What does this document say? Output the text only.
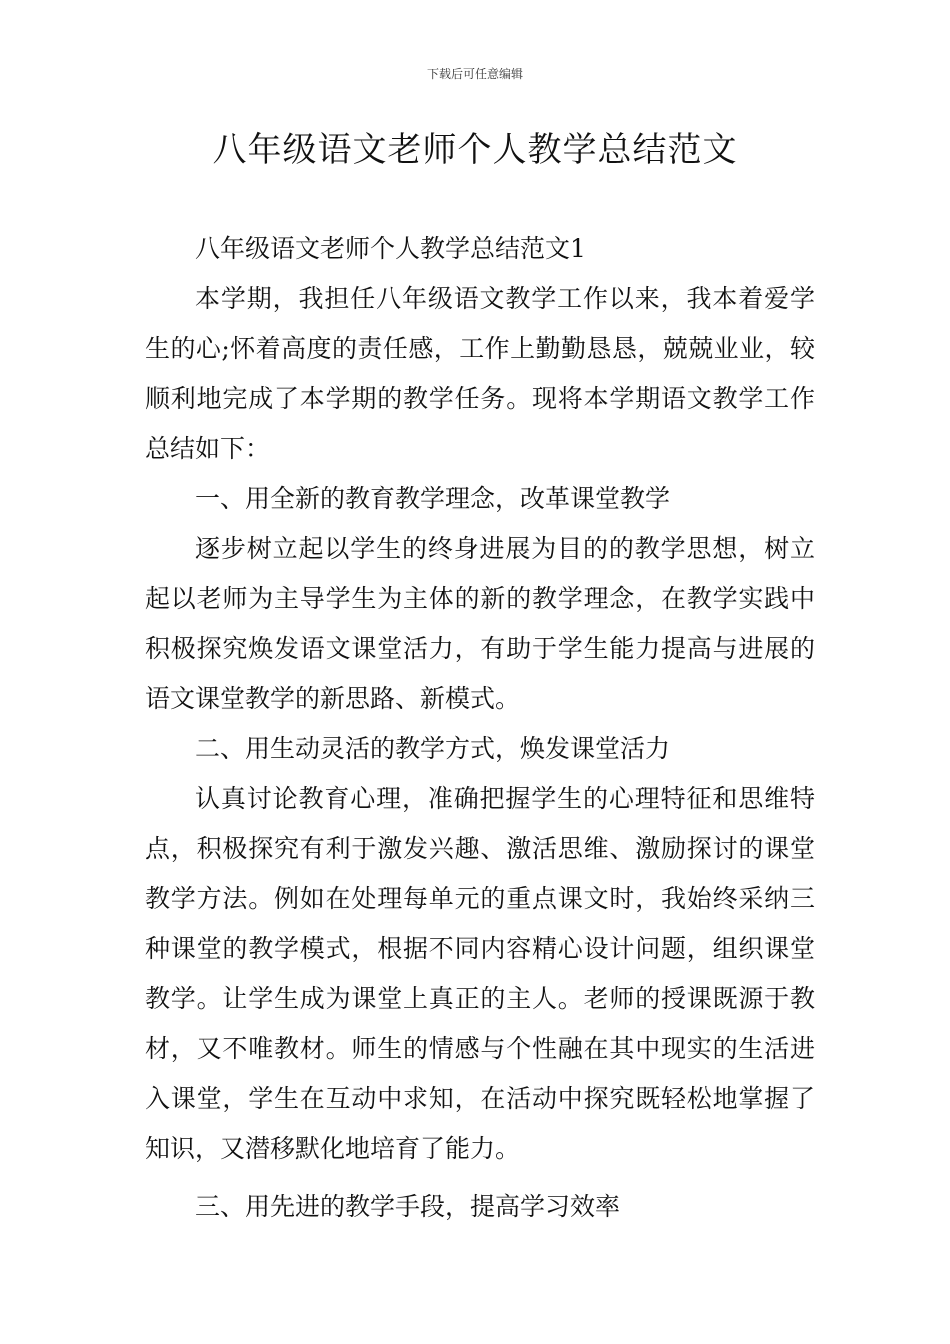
下载后可任意编辑
八年级语文老师个人教学总结范文

八年级语文老师个人教学总结范文1

本学期，我担任八年级语文教学工作以来，我本着爱学生的心;怀着高度的责任感，工作上勤勤恳恳，兢兢业业，较顺利地完成了本学期的教学任务。现将本学期语文教学工作总结如下：

一、用全新的教育教学理念，改革课堂教学

逐步树立起以学生的终身进展为目的的教学思想，树立起以老师为主导学生为主体的新的教学理念，在教学实践中积极探究焕发语文课堂活力，有助于学生能力提高与进展的语文课堂教学的新思路、新模式。

二、用生动灵活的教学方式，焕发课堂活力

认真讨论教育心理，准确把握学生的心理特征和思维特点，积极探究有利于激发兴趣、激活思维、激励探讨的课堂教学方法。例如在处理每单元的重点课文时，我始终采纳三种课堂的教学模式，根据不同内容精心设计问题，组织课堂教学。让学生成为课堂上真正的主人。老师的授课既源于教材，又不唯教材。师生的情感与个性融在其中现实的生活进入课堂，学生在互动中求知，在活动中探究既轻松地掌握了知识，又潜移默化地培育了能力。

三、用先进的教学手段，提高学习效率
